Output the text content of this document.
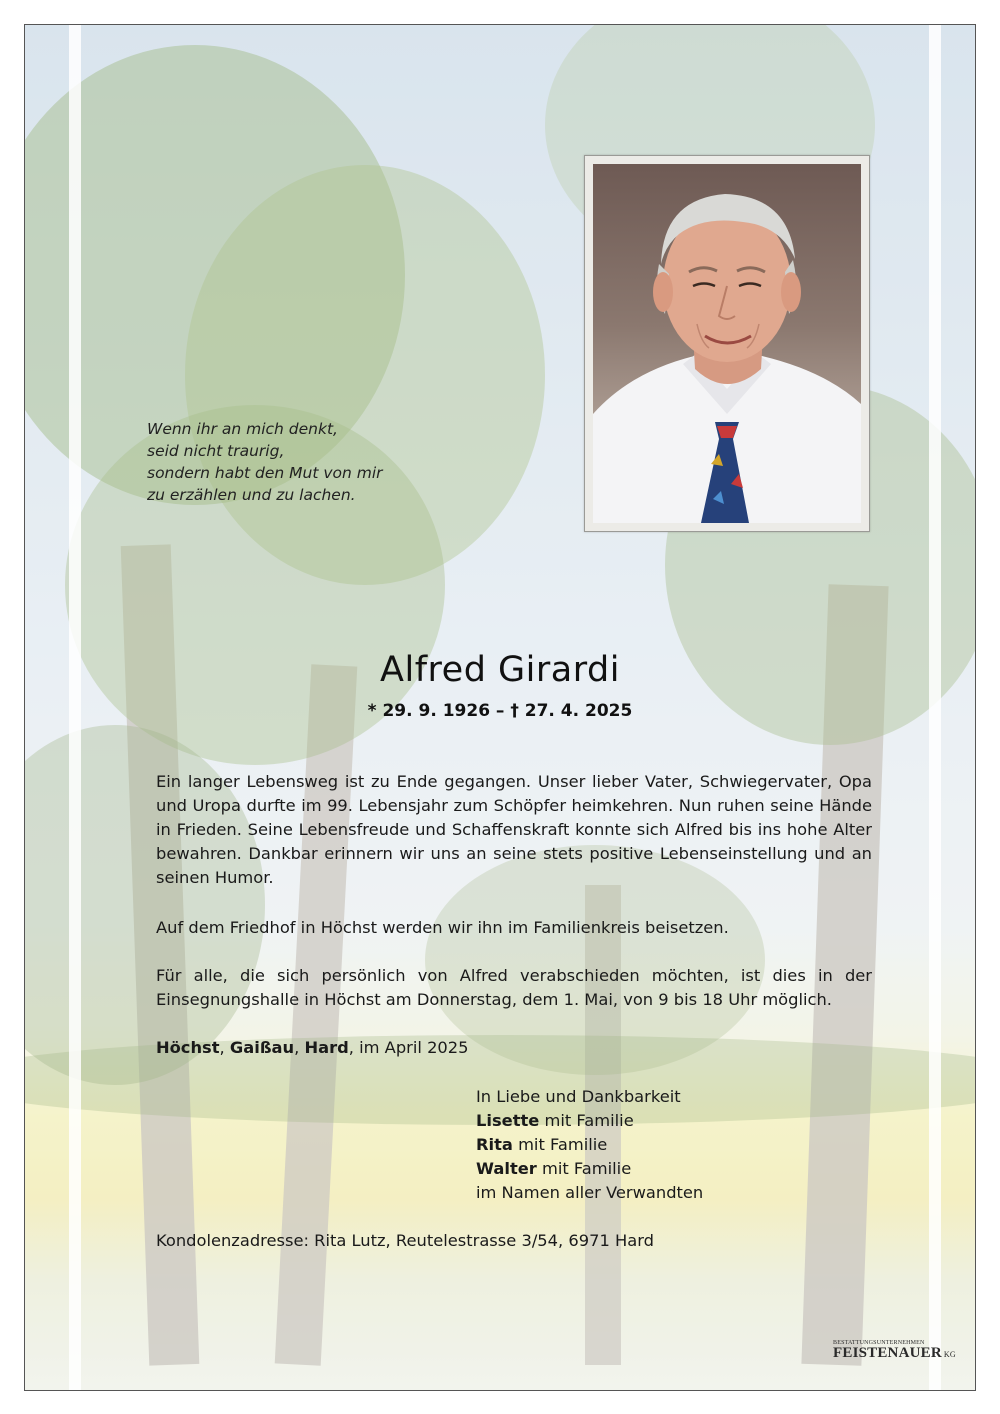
Wenn ihr an mich denkt,
seid nicht traurig,
sondern habt den Mut von mir
zu erzählen und zu lachen.
Alfred Girardi
* 29. 9. 1926 – † 27. 4. 2025
Ein langer Lebensweg ist zu Ende gegangen. Unser lieber Vater, Schwiegervater, Opa und Uropa durfte im 99. Lebensjahr zum Schöpfer heimkehren. Nun ruhen seine Hände in Frieden. Seine Lebensfreude und Schaffenskraft konnte sich Alfred bis ins hohe Alter bewahren. Dankbar erinnern wir uns an seine stets positive Lebenseinstellung und an seinen Humor.
Auf dem Friedhof in Höchst werden wir ihn im Familienkreis beisetzen.
Für alle, die sich persönlich von Alfred verabschieden möchten, ist dies in der Einsegnungshalle in Höchst am Donnerstag, dem 1. Mai, von 9 bis 18 Uhr möglich.
Höchst, Gaißau, Hard, im April 2025
In Liebe und Dankbarkeit
Lisette mit Familie
Rita mit Familie
Walter mit Familie
im Namen aller Verwandten
Kondolenzadresse: Rita Lutz, Reutelestrasse 3/54, 6971 Hard
BESTATTUNGSUNTERNEHMEN
FEISTENAUER KG
